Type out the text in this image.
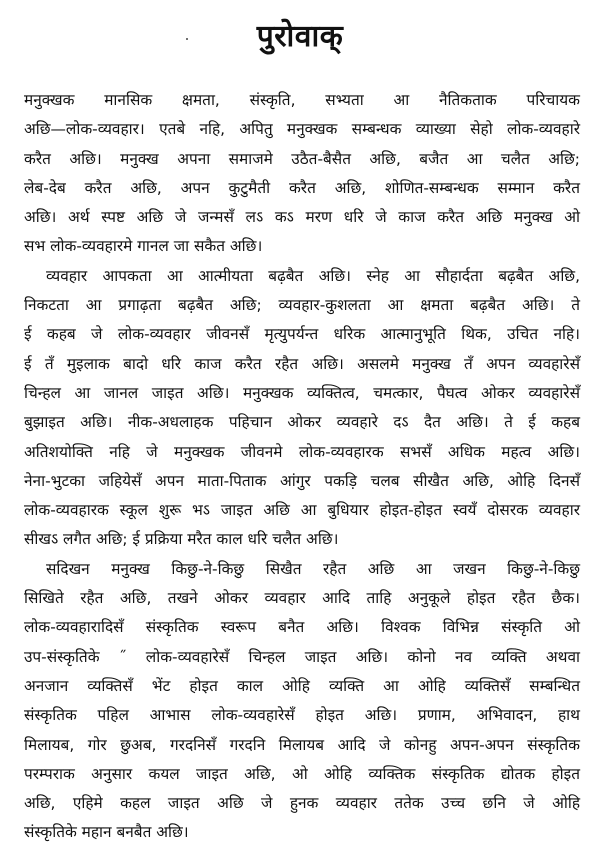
पुरोवाक्
मनुक्खक मानसिक क्षमता, संस्कृति, सभ्यता आ नैतिकताक परिचायक
अछि—लोक-व्यवहार। एतबे नहि, अपितु मनुक्खक सम्बन्धक व्याख्या सेहो लोक-व्यवहारे
करैत अछि। मनुक्ख अपना समाजमे उठैत-बैसैत अछि, बजैत आ चलैत अछि;
लेब-देब करैत अछि, अपन कुटुमैती करैत अछि, शोणित-सम्बन्धक सम्मान करैत
अछि। अर्थ स्पष्ट अछि जे जन्मसँ लऽ कऽ मरण धरि जे काज करैत अछि मनुक्ख ओ
सभ लोक-व्यवहारमे गानल जा सकैत अछि।
व्यवहार आपकता आ आत्मीयता बढ़बैत अछि। स्नेह आ सौहार्दता बढ़बैत अछि,
निकटता आ प्रगाढ़ता बढ़बैत अछि; व्यवहार-कुशलता आ क्षमता बढ़बैत अछि। ते
ई कहब जे लोक-व्यवहार जीवनसँ मृत्युपर्यन्त धरिक आत्मानुभूति थिक, उचित नहि।
ई तँ मुइलाक बादो धरि काज करैत रहैत अछि। असलमे मनुक्ख तँ अपन व्यवहारेसँ
चिन्हल आ जानल जाइत अछि। मनुक्खक व्यक्तित्व, चमत्कार, पैघत्व ओकर व्यवहारेसँ
बुझाइत अछि। नीक-अधलाहक पहिचान ओकर व्यवहारे दऽ दैत अछि। ते ई कहब
अतिशयोक्ति नहि जे मनुक्खक जीवनमे लोक-व्यवहारक सभसँ अधिक महत्व अछि।
नेना-भुटका जहियेसँ अपन माता-पिताक आंगुर पकड़ि चलब सीखैत अछि, ओहि दिनसँ
लोक-व्यवहारक स्कूल शुरू भऽ जाइत अछि आ बुधियार होइत-होइत स्वयँ दोसरक व्यवहार
सीखऽ लगैत अछि; ई प्रक्रिया मरैत काल धरि चलैत अछि।
सदिखन मनुक्ख किछु-ने-किछु सिखैत रहैत अछि आ जखन किछु-ने-किछु
सिखिते रहैत अछि, तखने ओकर व्यवहार आदि ताहि अनुकूले होइत रहैत छैक।
लोक-व्यवहारादिसँ संस्कृतिक स्वरूप बनैत अछि। विश्वक विभिन्न संस्कृति ओ
उप-संस्कृतिके ˝ लोक-व्यवहारेसँ चिन्हल जाइत अछि। कोनो नव व्यक्ति अथवा
अनजान व्यक्तिसँ भेंट होइत काल ओहि व्यक्ति आ ओहि व्यक्तिसँ सम्बन्धित
संस्कृतिक पहिल आभास लोक-व्यवहारेसँ होइत अछि। प्रणाम, अभिवादन, हाथ
मिलायब, गोर छुअब, गरदनिसँ गरदनि मिलायब आदि जे कोनहु अपन-अपन संस्कृतिक
परम्पराक अनुसार कयल जाइत अछि, ओ ओहि व्यक्तिक संस्कृतिक द्योतक होइत
अछि, एहिमे कहल जाइत अछि जे हुनक व्यवहार ततेक उच्च छनि जे ओहि
संस्कृतिके महान बनबैत अछि।
